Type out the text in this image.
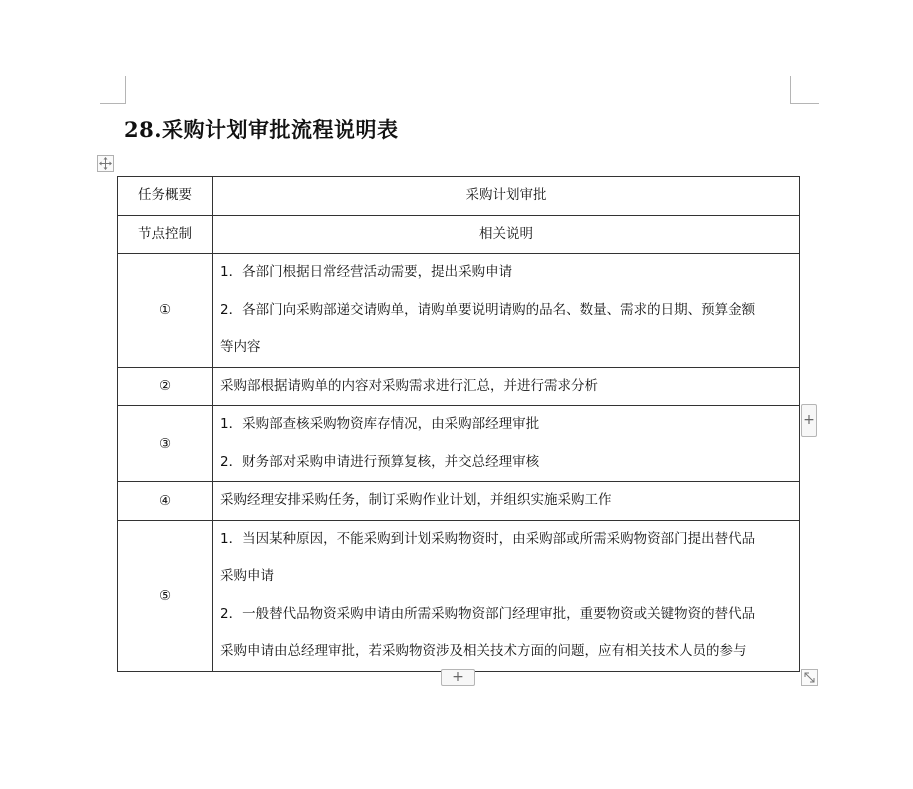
28.采购计划审批流程说明表
任务概要	采购计划审批

节点控制	相关说明

①	1．各部门根据日常经营活动需要，提出采购申请
2．各部门向采购部递交请购单，请购单要说明请购的品名、数量、需求的日期、预算金额
等内容

②	采购部根据请购单的内容对采购需求进行汇总，并进行需求分析

③	1．采购部查核采购物资库存情况，由采购部经理审批
2．财务部对采购申请进行预算复核，并交总经理审核

④	采购经理安排采购任务，制订采购作业计划，并组织实施采购工作

⑤	1．当因某种原因，不能采购到计划采购物资时，由采购部或所需采购物资部门提出替代品
采购申请
2．一般替代品物资采购申请由所需采购物资部门经理审批，重要物资或关键物资的替代品
采购申请由总经理审批，若采购物资涉及相关技术方面的问题，应有相关技术人员的参与
+
+
